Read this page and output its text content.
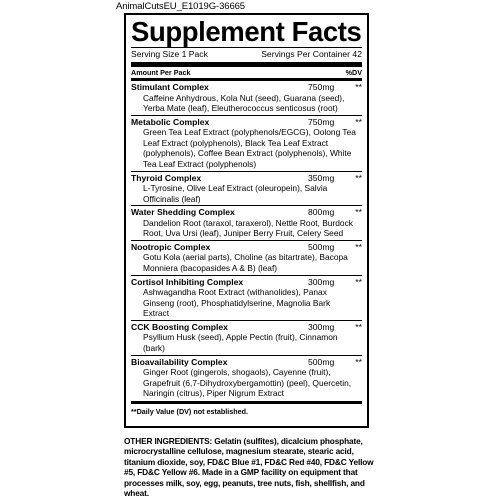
AnimalCutsEU_E1019G-36665
Supplement Facts
Serving Size 1 Pack	Servings Per Container 42
Amount Per Pack	%DV
Stimulant Complex	750mg	**
Caffeine Anhydrous, Kola Nut (seed), Guarana (seed), Yerba Mate (leaf), Eleutherococcus senticosus (root)
Metabolic Complex	750mg	**
Green Tea Leaf Extract (polyphenols/EGCG), Oolong Tea Leaf Extract (polyphenols), Black Tea Leaf Extract (polyphenols), Coffee Bean Extract (polyphenols), White Tea Leaf Extract (polyphenols)
Thyroid Complex	350mg	**
L-Tyrosine, Olive Leaf Extract (oleuropein), Salvia Officinalis (leaf)
Water Shedding Complex	800mg	**
Dandelion Root (taraxol, taraxerol), Nettle Root, Burdock Root, Uva Ursi (leaf), Juniper Berry Fruit, Celery Seed
Nootropic Complex	500mg	**
Gotu Kola (aerial parts), Choline (as bitartrate), Bacopa Monniera (bacopasides A & B) (leaf)
Cortisol Inhibiting Complex	300mg	**
Ashwagandha Root Extract (withanolides), Panax Ginseng (root), Phosphatidylserine, Magnolia Bark Extract
CCK Boosting Complex	300mg	**
Psyllium Husk (seed), Apple Pectin (fruit), Cinnamon (bark)
Bioavailability Complex	500mg	**
Ginger Root (gingerols, shogaols), Cayenne (fruit), Grapefruit (6,7-Dihydroxybergamottin) (peel), Quercetin, Naringin (citrus), Piper Nigrum Extract
**Daily Value (DV) not established.
OTHER INGREDIENTS: Gelatin (sulfites), dicalcium phosphate, microcrystalline cellulose, magnesium stearate, stearic acid, titanium dioxide, soy, FD&C Blue #1, FD&C Red #40, FD&C Yellow #5, FD&C Yellow #6. Made in a GMP facility on equipment that processes milk, soy, egg, peanuts, tree nuts, fish, shellfish, and wheat.
